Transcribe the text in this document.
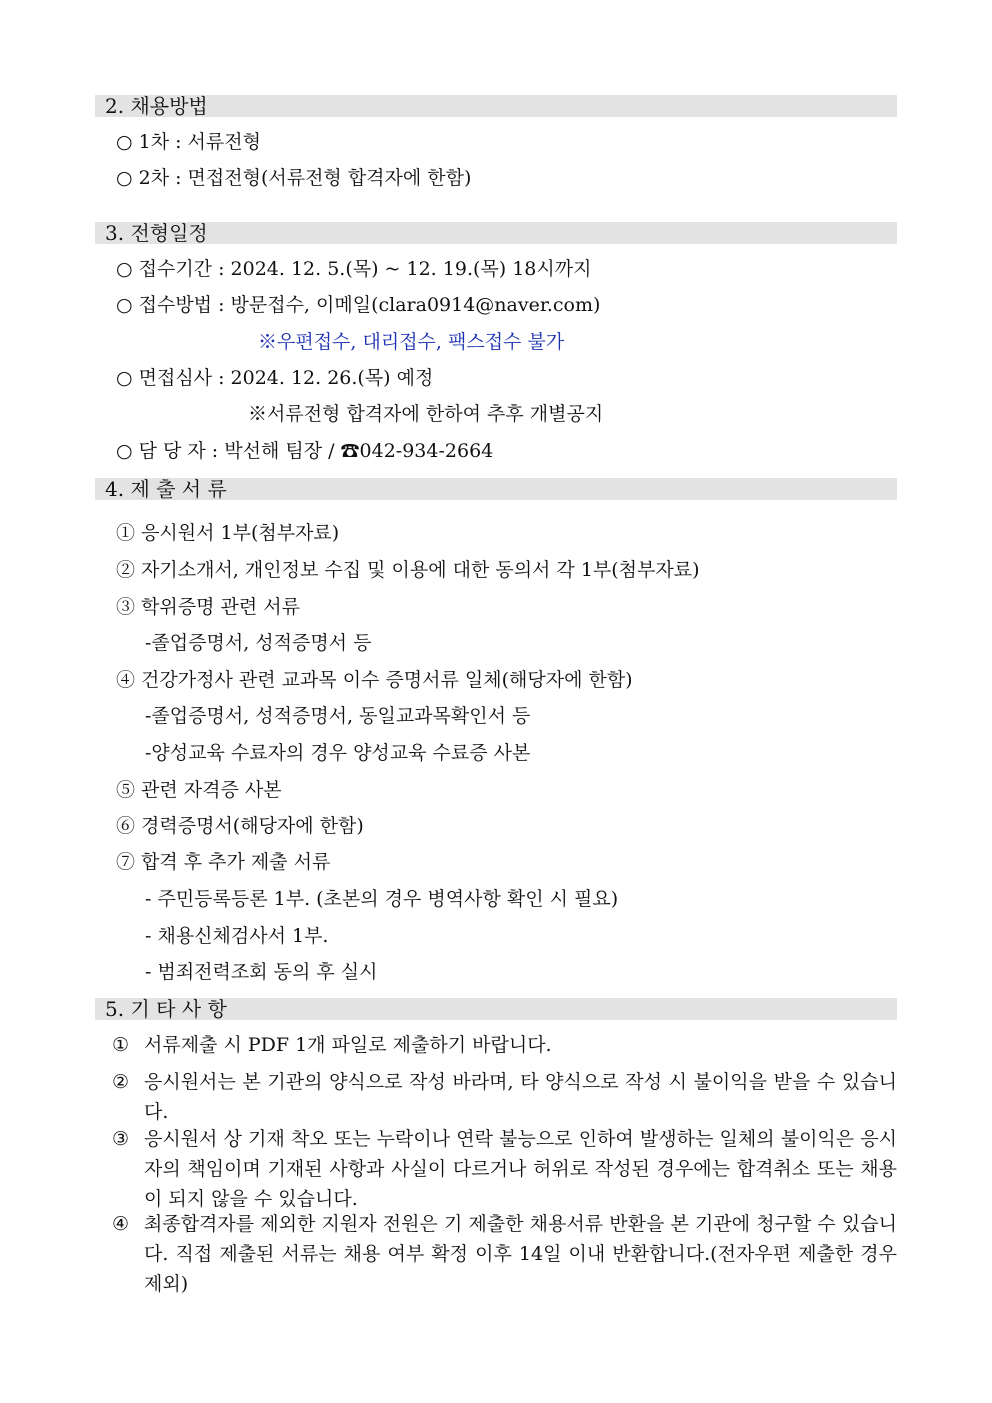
2. 채용방법
○ 1차 : 서류전형
○ 2차 : 면접전형(서류전형 합격자에 한함)
3. 전형일정
○ 접수기간 : 2024. 12. 5.(목) ~ 12. 19.(목) 18시까지
○ 접수방법 : 방문접수, 이메일(clara0914@naver.com)
※우편접수, 대리접수, 팩스접수 불가
○ 면접심사 : 2024. 12. 26.(목) 예정
※서류전형 합격자에 한하여 추후 개별공지
○ 담 당 자 : 박선해 팀장 / ☎042-934-2664
4. 제 출 서 류
① 응시원서 1부(첨부자료)
② 자기소개서, 개인정보 수집 및 이용에 대한 동의서 각 1부(첨부자료)
③ 학위증명 관련 서류
-졸업증명서, 성적증명서 등
④ 건강가정사 관련 교과목 이수 증명서류 일체(해당자에 한함)
-졸업증명서, 성적증명서, 동일교과목확인서 등
-양성교육 수료자의 경우 양성교육 수료증 사본
⑤ 관련 자격증 사본
⑥ 경력증명서(해당자에 한함)
⑦ 합격 후 추가 제출 서류
- 주민등록등론 1부. (초본의 경우 병역사항 확인 시 필요)
- 채용신체검사서 1부.
- 범죄전력조회 동의 후 실시
5. 기 타 사 항
① 서류제출 시 PDF 1개 파일로 제출하기 바랍니다.
② 응시원서는 본 기관의 양식으로 작성 바라며, 타 양식으로 작성 시 불이익을 받을 수 있습니다.
③ 응시원서 상 기재 착오 또는 누락이나 연락 불능으로 인하여 발생하는 일체의 불이익은 응시자의 책임이며 기재된 사항과 사실이 다르거나 허위로 작성된 경우에는 합격취소 또는 채용이 되지 않을 수 있습니다.
④ 최종합격자를 제외한 지원자 전원은 기 제출한 채용서류 반환을 본 기관에 청구할 수 있습니다. 직접 제출된 서류는 채용 여부 확정 이후 14일 이내 반환합니다.(전자우편 제출한 경우 제외)
